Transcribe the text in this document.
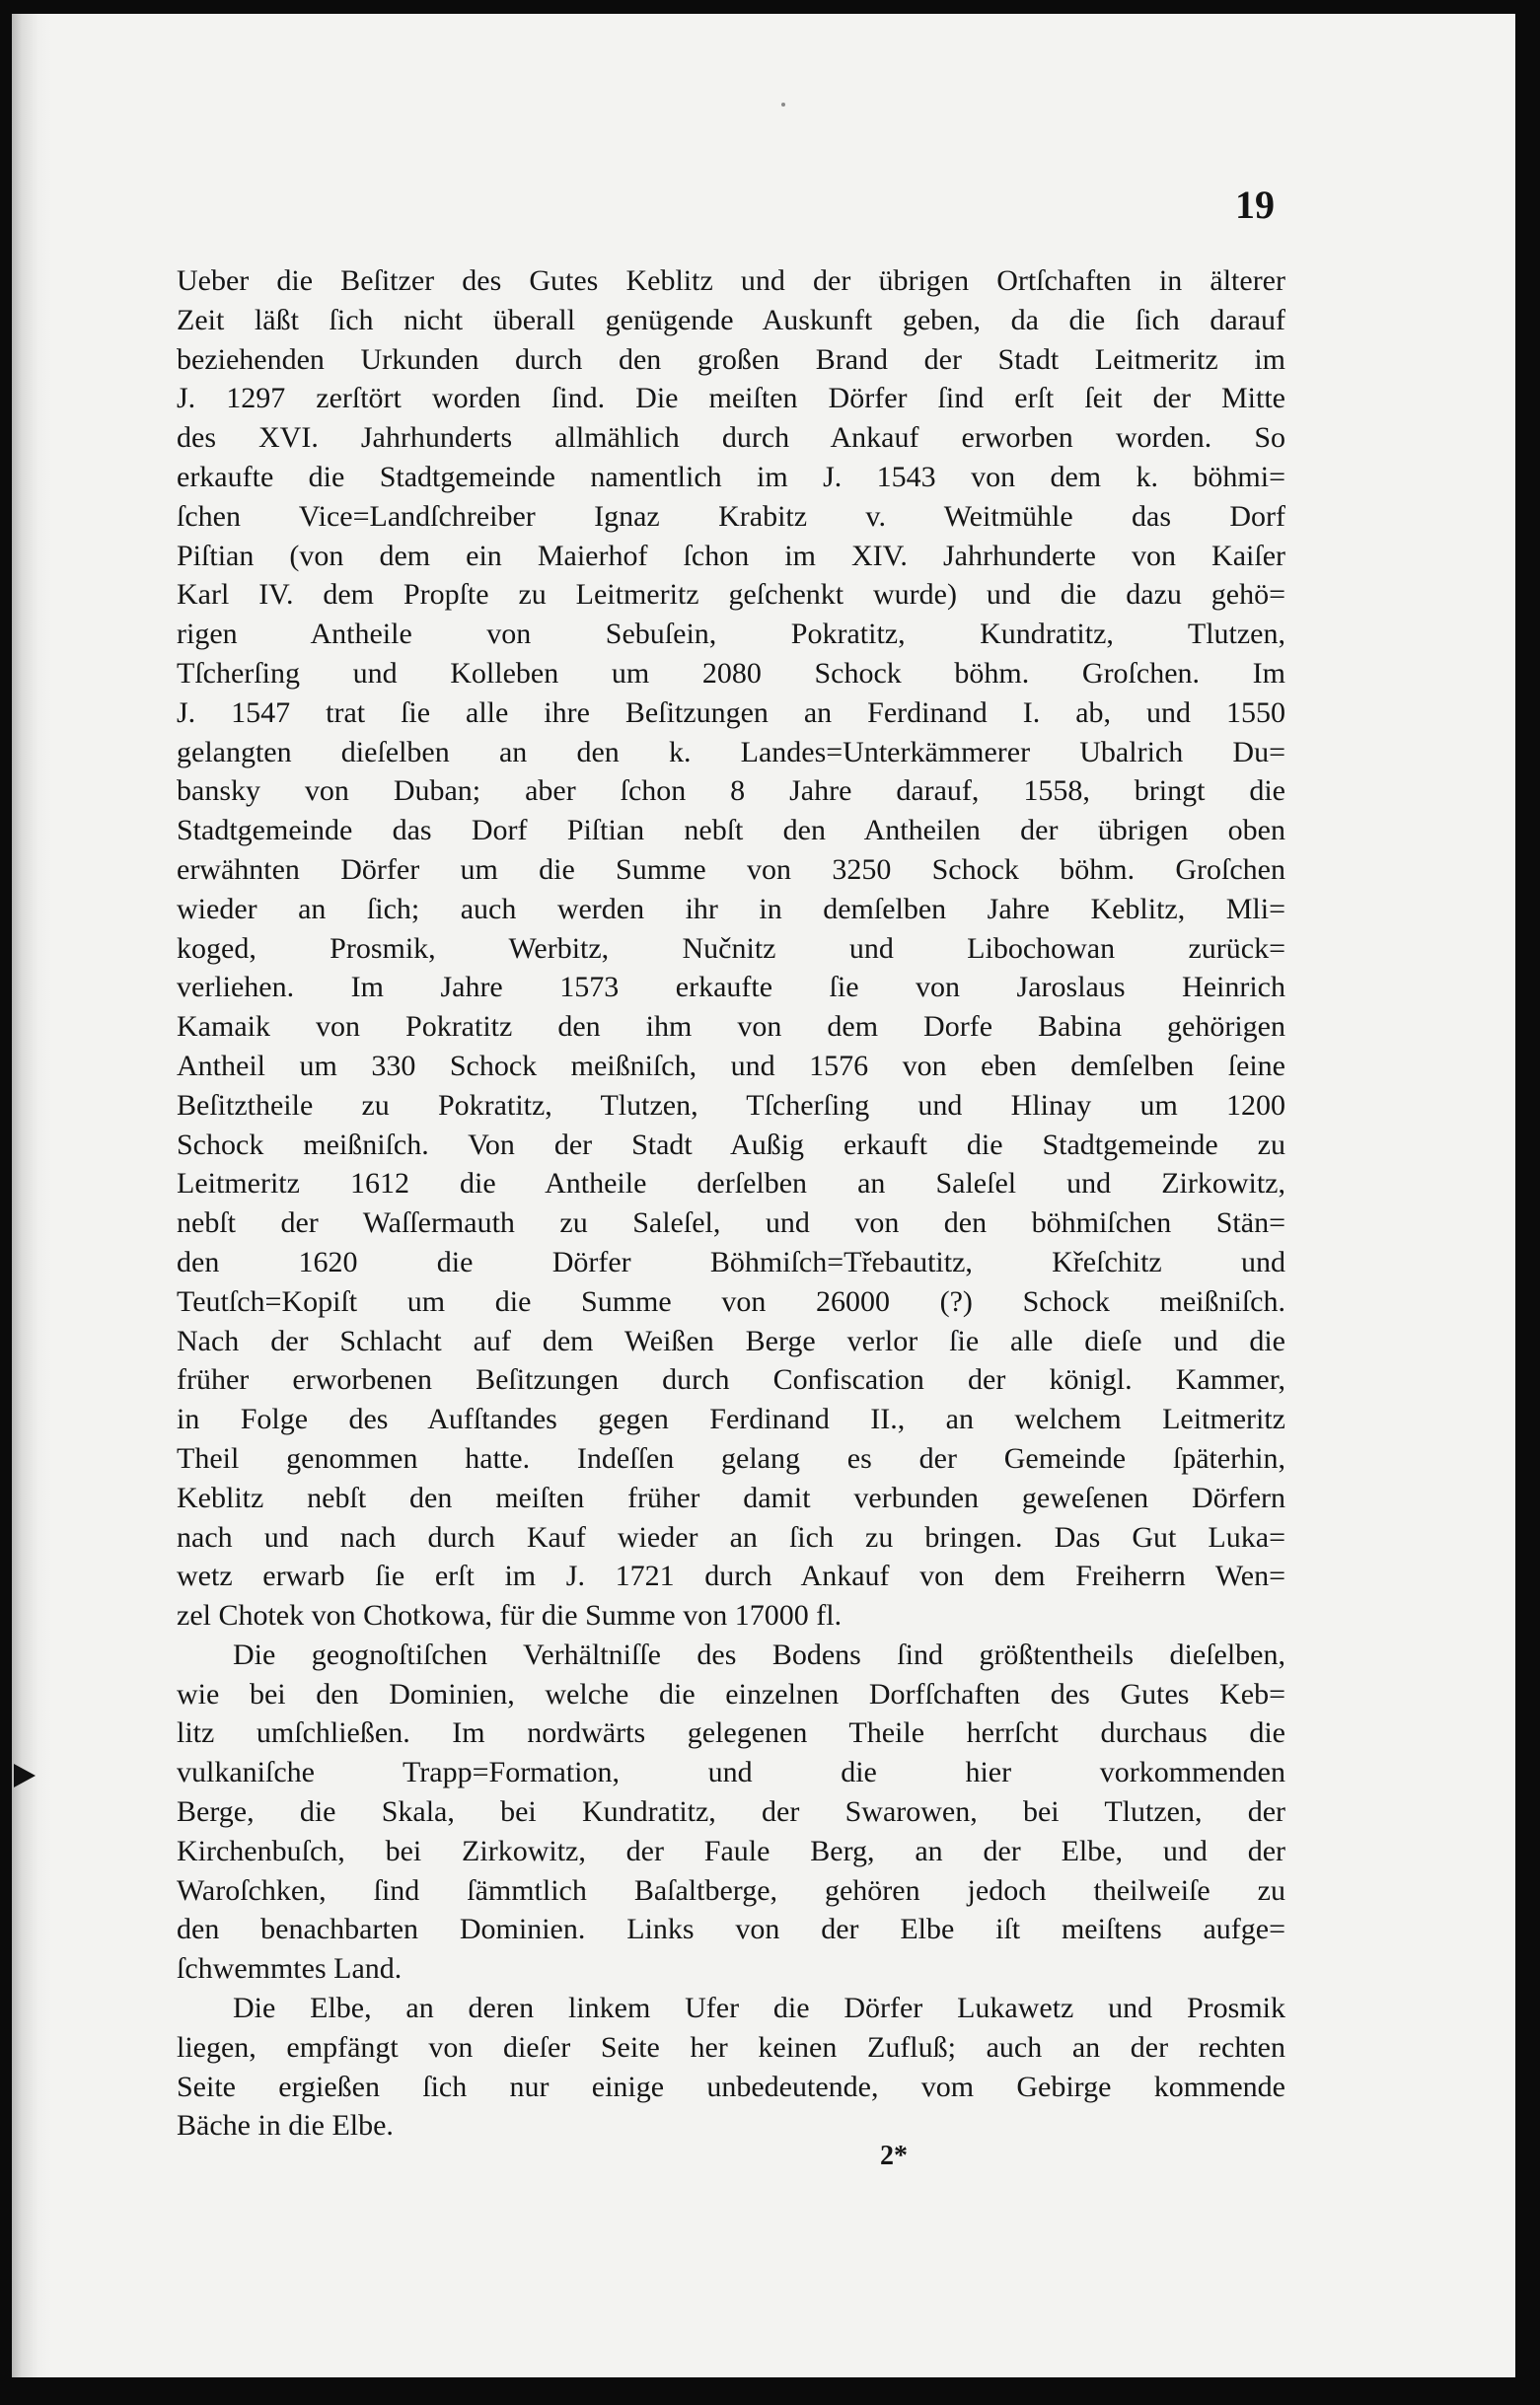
19
Ueber die Beſitzer des Gutes Keblitz und der übrigen Ortſchaften in älterer
Zeit läßt ſich nicht überall genügende Auskunft geben, da die ſich darauf
beziehenden Urkunden durch den großen Brand der Stadt Leitmeritz im
J. 1297 zerſtört worden ſind. Die meiſten Dörfer ſind erſt ſeit der Mitte
des XVI. Jahrhunderts allmählich durch Ankauf erworben worden. So
erkaufte die Stadtgemeinde namentlich im J. 1543 von dem k. böhmi=
ſchen Vice=Landſchreiber Ignaz Krabitz v. Weitmühle das Dorf
Piſtian (von dem ein Maierhof ſchon im XIV. Jahrhunderte von Kaiſer
Karl IV. dem Propſte zu Leitmeritz geſchenkt wurde) und die dazu gehö=
rigen Antheile von Sebuſein, Pokratitz, Kundratitz, Tlutzen,
Tſcherſing und Kolleben um 2080 Schock böhm. Groſchen. Im
J. 1547 trat ſie alle ihre Beſitzungen an Ferdinand I. ab, und 1550
gelangten dieſelben an den k. Landes=Unterkämmerer Ubalrich Du=
bansky von Duban; aber ſchon 8 Jahre darauf, 1558, bringt die
Stadtgemeinde das Dorf Piſtian nebſt den Antheilen der übrigen oben
erwähnten Dörfer um die Summe von 3250 Schock böhm. Groſchen
wieder an ſich; auch werden ihr in demſelben Jahre Keblitz, Mli=
koged, Prosmik, Werbitz, Nučnitz und Libochowan zurück=
verliehen. Im Jahre 1573 erkaufte ſie von Jaroslaus Heinrich
Kamaik von Pokratitz den ihm von dem Dorfe Babina gehörigen
Antheil um 330 Schock meißniſch, und 1576 von eben demſelben ſeine
Beſitztheile zu Pokratitz, Tlutzen, Tſcherſing und Hlinay um 1200
Schock meißniſch. Von der Stadt Außig erkauft die Stadtgemeinde zu
Leitmeritz 1612 die Antheile derſelben an Saleſel und Zirkowitz,
nebſt der Waſſermauth zu Saleſel, und von den böhmiſchen Stän=
den 1620 die Dörfer Böhmiſch=Třebautitz, Křeſchitz und
Teutſch=Kopiſt um die Summe von 26000 (?) Schock meißniſch.
Nach der Schlacht auf dem Weißen Berge verlor ſie alle dieſe und die
früher erworbenen Beſitzungen durch Confiscation der königl. Kammer,
in Folge des Aufſtandes gegen Ferdinand II., an welchem Leitmeritz
Theil genommen hatte. Indeſſen gelang es der Gemeinde ſpäterhin,
Keblitz nebſt den meiſten früher damit verbunden geweſenen Dörfern
nach und nach durch Kauf wieder an ſich zu bringen. Das Gut Luka=
wetz erwarb ſie erſt im J. 1721 durch Ankauf von dem Freiherrn Wen=
zel Chotek von Chotkowa, für die Summe von 17000 fl.
Die geognoſtiſchen Verhältniſſe des Bodens ſind größtentheils dieſelben,
wie bei den Dominien, welche die einzelnen Dorfſchaften des Gutes Keb=
litz umſchließen. Im nordwärts gelegenen Theile herrſcht durchaus die
vulkaniſche Trapp=Formation, und die hier vorkommenden
Berge, die Skala, bei Kundratitz, der Swarowen, bei Tlutzen, der
Kirchenbuſch, bei Zirkowitz, der Faule Berg, an der Elbe, und der
Waroſchken, ſind ſämmtlich Baſaltberge, gehören jedoch theilweiſe zu
den benachbarten Dominien. Links von der Elbe iſt meiſtens aufge=
ſchwemmtes Land.
Die Elbe, an deren linkem Ufer die Dörfer Lukawetz und Prosmik
liegen, empfängt von dieſer Seite her keinen Zufluß; auch an der rechten
Seite ergießen ſich nur einige unbedeutende, vom Gebirge kommende
Bäche in die Elbe.
2*
